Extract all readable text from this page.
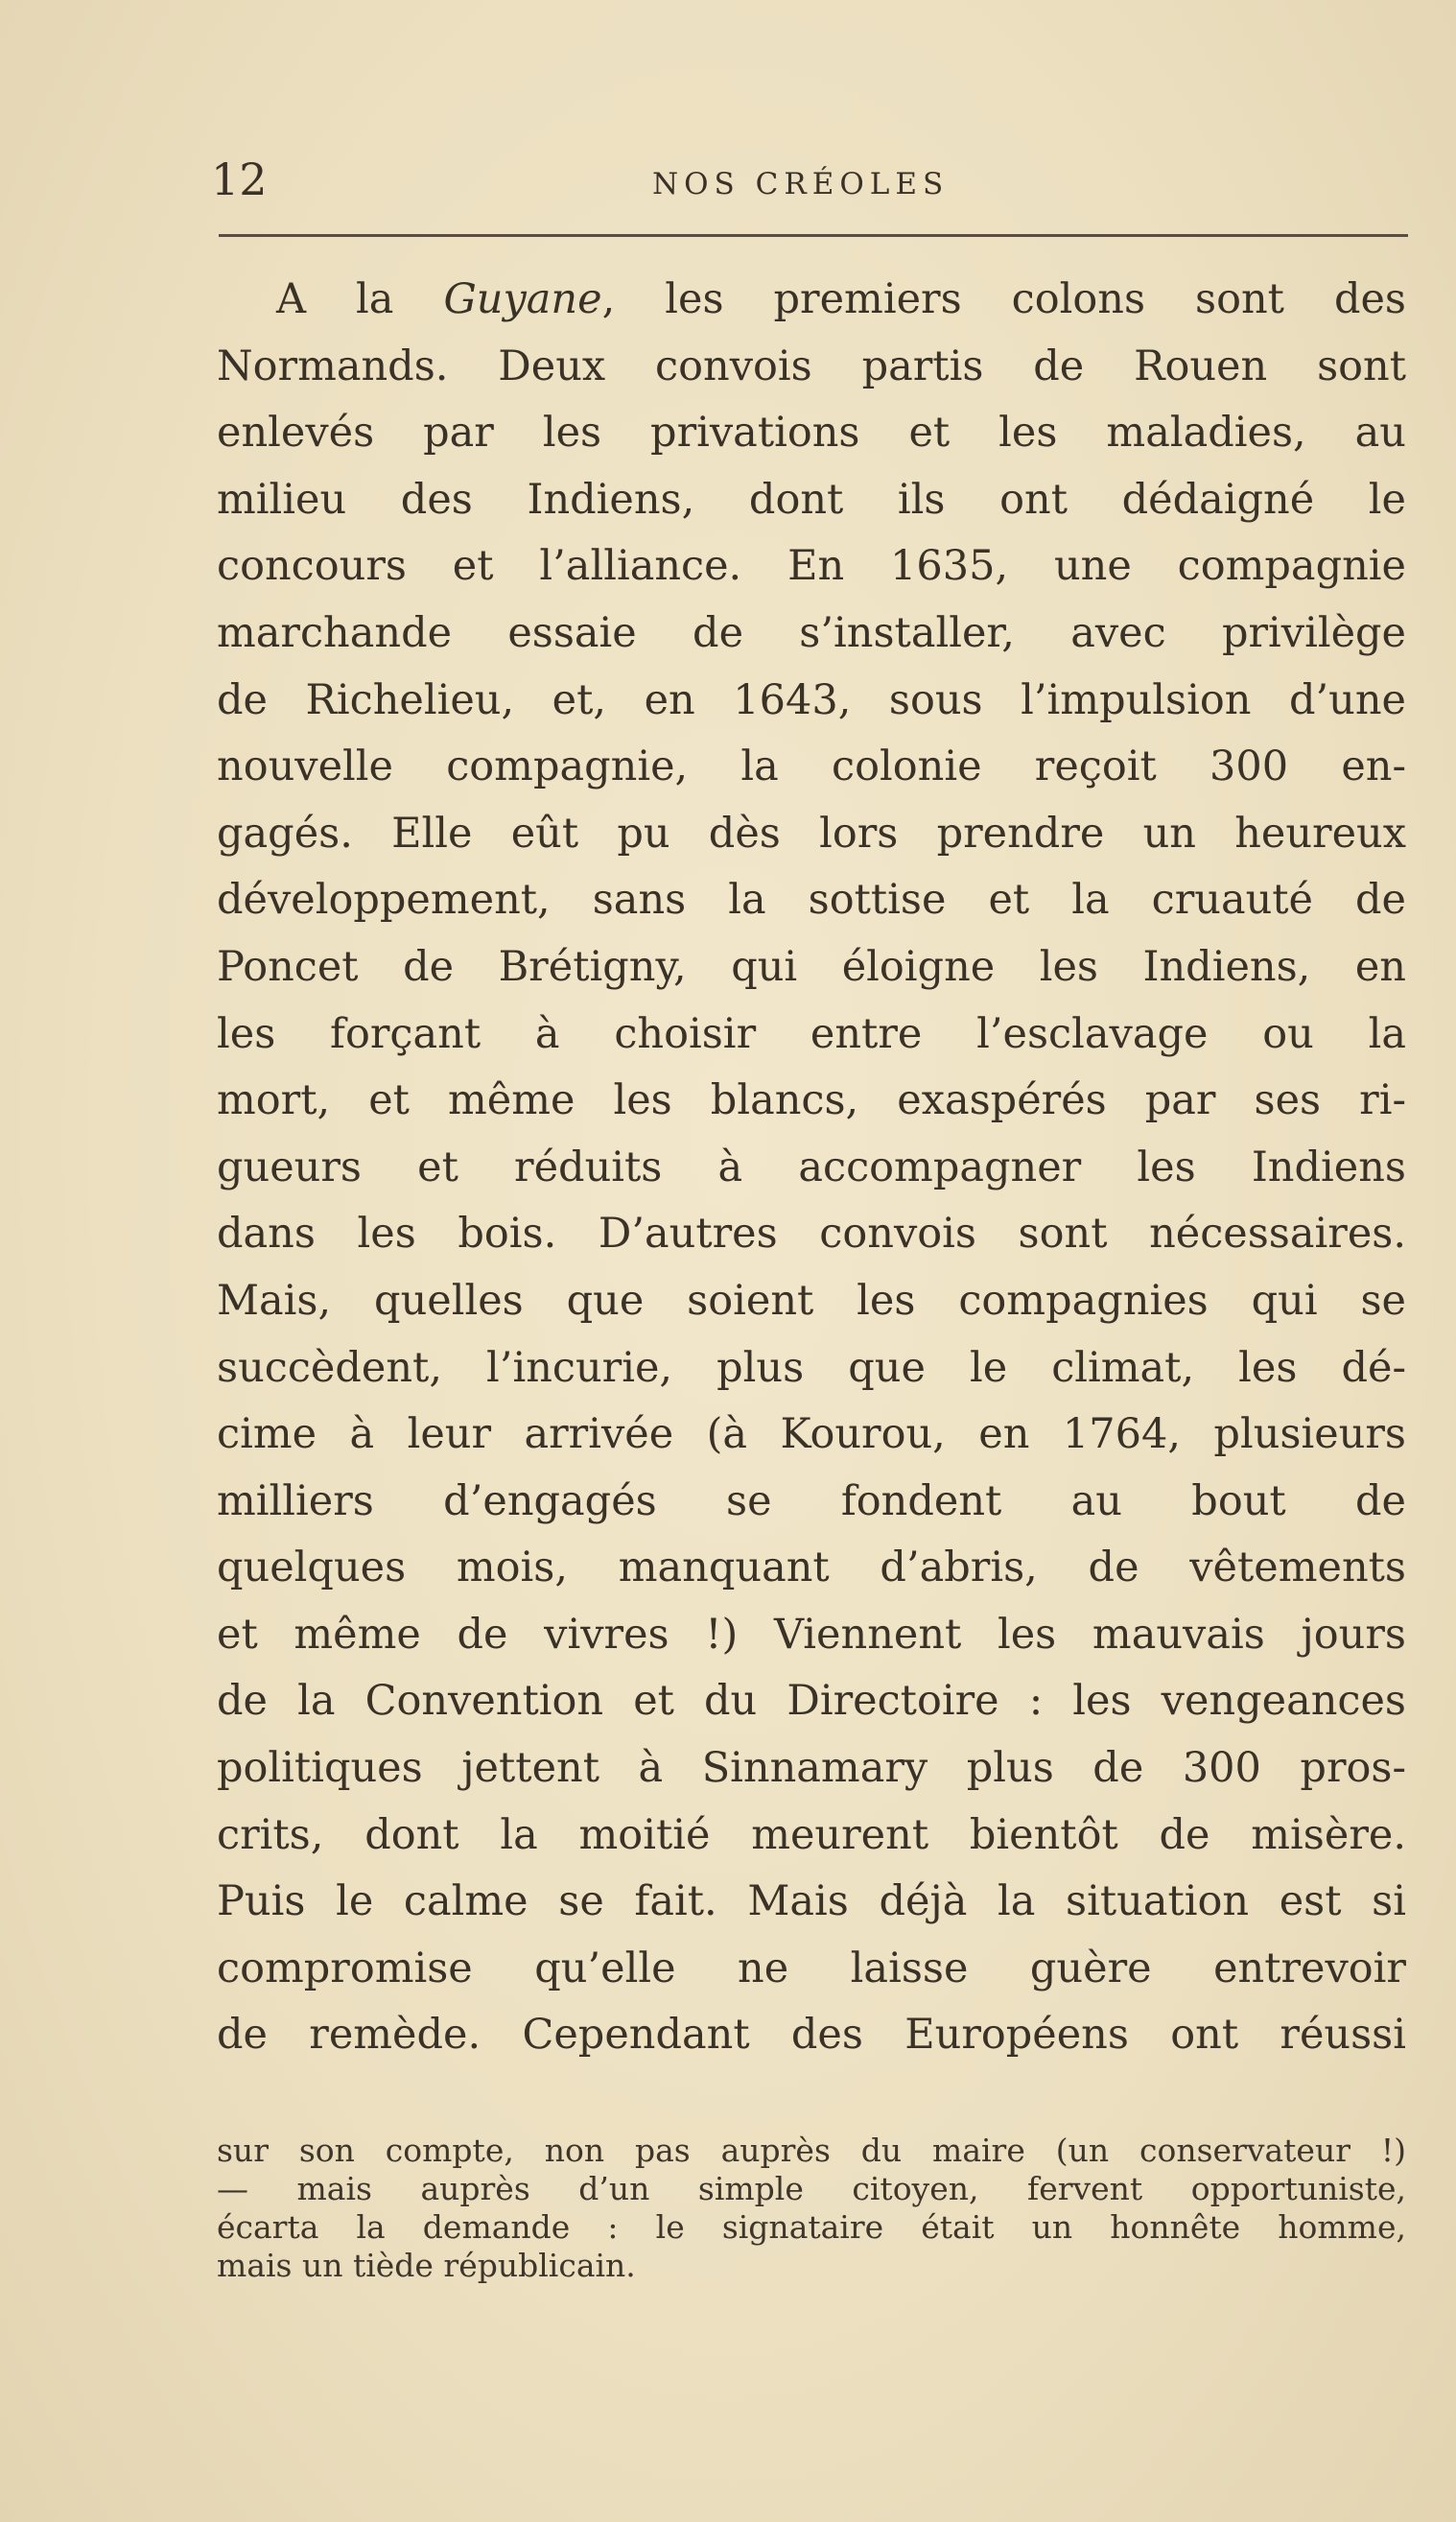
12	NOS CRÉOLES
A la Guyane, les premiers colons sont des
Normands. Deux convois partis de Rouen sont
enlevés par les privations et les maladies, au
milieu des Indiens, dont ils ont dédaigné le
concours et l’alliance. En 1635, une compagnie
marchande essaie de s’installer, avec privilège
de Richelieu, et, en 1643, sous l’impulsion d’une
nouvelle compagnie, la colonie reçoit 300 en-
gagés. Elle eût pu dès lors prendre un heureux
développement, sans la sottise et la cruauté de
Poncet de Brétigny, qui éloigne les Indiens, en
les forçant à choisir entre l’esclavage ou la
mort, et même les blancs, exaspérés par ses ri-
gueurs et réduits à accompagner les Indiens
dans les bois. D’autres convois sont nécessaires.
Mais, quelles que soient les compagnies qui se
succèdent, l’incurie, plus que le climat, les dé-
cime à leur arrivée (à Kourou, en 1764, plusieurs
milliers d’engagés se fondent au bout de
quelques mois, manquant d’abris, de vêtements
et même de vivres !) Viennent les mauvais jours
de la Convention et du Directoire : les vengeances
politiques jettent à Sinnamary plus de 300 pros-
crits, dont la moitié meurent bientôt de misère.
Puis le calme se fait. Mais déjà la situation est si
compromise qu’elle ne laisse guère entrevoir
de remède. Cependant des Européens ont réussi
sur son compte, non pas auprès du maire (un conservateur !)
— mais auprès d’un simple citoyen, fervent opportuniste,
écarta la demande : le signataire était un honnête homme,
mais un tiède républicain.
